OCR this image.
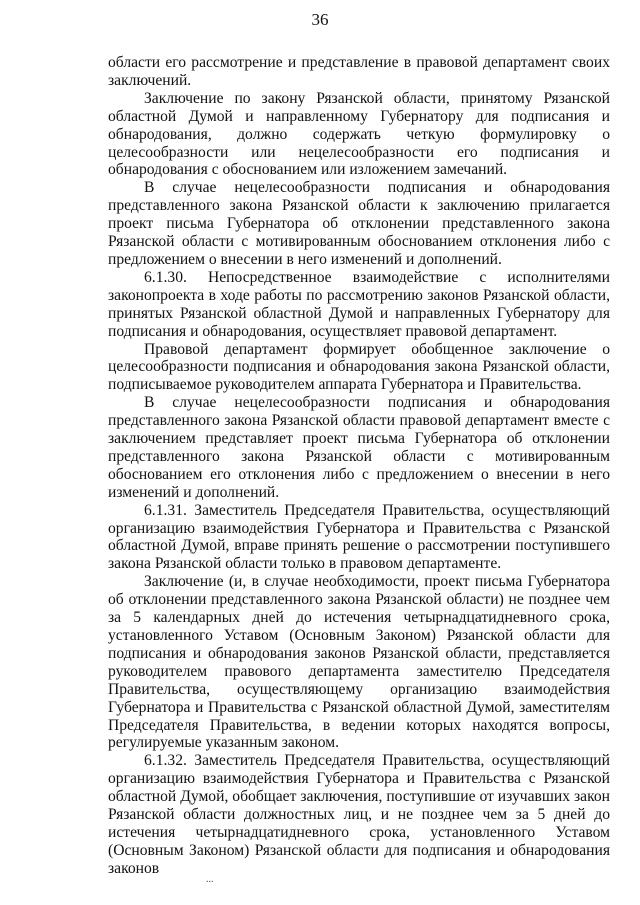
36

области его рассмотрение и представление в правовой департамент своих заключений.

Заключение по закону Рязанской области, принятому Рязанской областной Думой и направленному Губернатору для подписания и обнародования, должно содержать четкую формулировку о целесообразности или нецелесообразности его подписания и обнародования с обоснованием или изложением замечаний.

В случае нецелесообразности подписания и обнародования представленного закона Рязанской области к заключению прилагается проект письма Губернатора об отклонении представленного закона Рязанской области с мотивированным обоснованием отклонения либо с предложением о внесении в него изменений и дополнений.

6.1.30. Непосредственное взаимодействие с исполнителями законопроекта в ходе работы по рассмотрению законов Рязанской области, принятых Рязанской областной Думой и направленных Губернатору для подписания и обнародования, осуществляет правовой департамент.

Правовой департамент формирует обобщенное заключение о целесообразности подписания и обнародования закона Рязанской области, подписываемое руководителем аппарата Губернатора и Правительства.

В случае нецелесообразности подписания и обнародования представленного закона Рязанской области правовой департамент вместе с заключением представляет проект письма Губернатора об отклонении представленного закона Рязанской области с мотивированным обоснованием его отклонения либо с предложением о внесении в него изменений и дополнений.

6.1.31. Заместитель Председателя Правительства, осуществляющий организацию взаимодействия Губернатора и Правительства с Рязанской областной Думой, вправе принять решение о рассмотрении поступившего закона Рязанской области только в правовом департаменте.

Заключение (и, в случае необходимости, проект письма Губернатора об отклонении представленного закона Рязанской области) не позднее чем за 5 календарных дней до истечения четырнадцатидневного срока, установленного Уставом (Основным Законом) Рязанской области для подписания и обнародования законов Рязанской области, представляется руководителем правового департамента заместителю Председателя Правительства, осуществляющему организацию взаимодействия Губернатора и Правительства с Рязанской областной Думой, заместителям Председателя Правительства, в ведении которых находятся вопросы, регулируемые указанным законом.

6.1.32. Заместитель Председателя Правительства, осуществляющий организацию взаимодействия Губернатора и Правительства с Рязанской областной Думой, обобщает заключения, поступившие от изучавших закон Рязанской области должностных лиц, и не позднее чем за 5 дней до истечения четырнадцатидневного срока, установленного Уставом (Основным Законом) Рязанской области для подписания и обнародования законов

...
